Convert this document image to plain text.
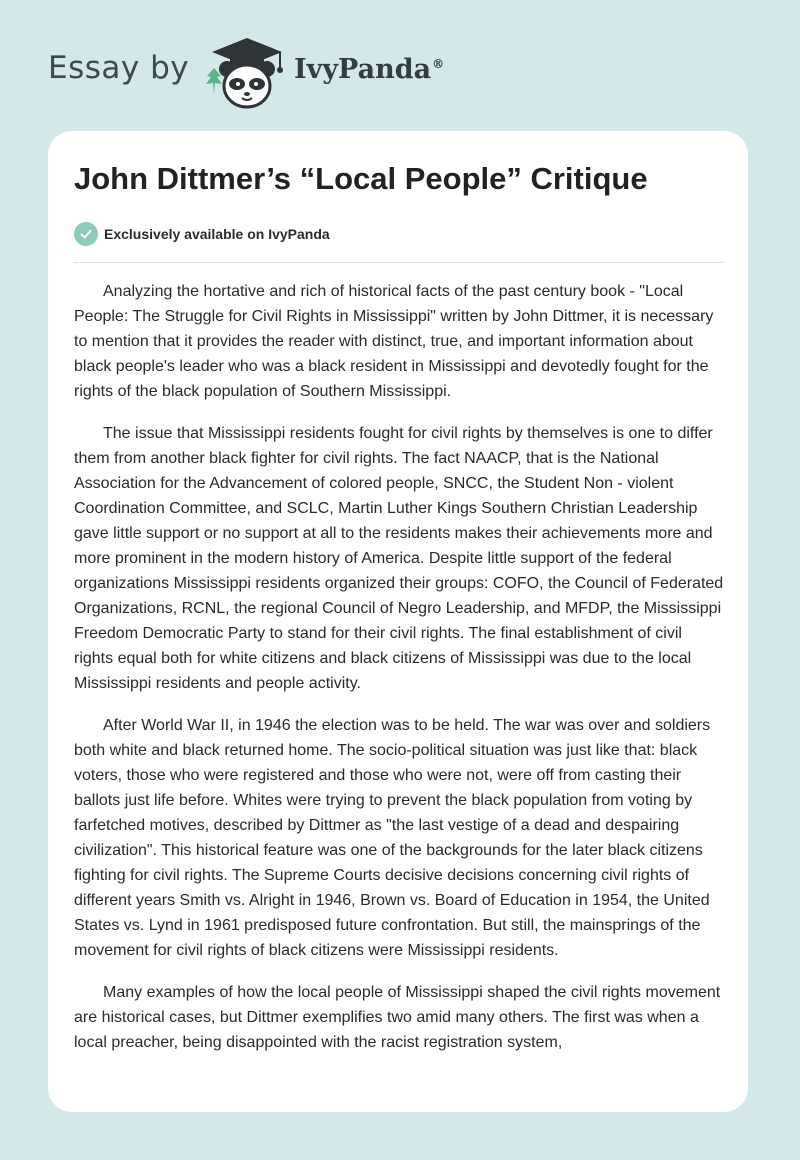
Essay by	IvyPanda®
John Dittmer’s “Local People” Critique
Exclusively available on IvyPanda

Analyzing the hortative and rich of historical facts of the past century book - "Local People: The Struggle for Civil Rights in Mississippi" written by John Dittmer, it is necessary to mention that it provides the reader with distinct, true, and important information about black people's leader who was a black resident in Mississippi and devotedly fought for the rights of the black population of Southern Mississippi.

The issue that Mississippi residents fought for civil rights by themselves is one to differ them from another black fighter for civil rights. The fact NAACP, that is the National Association for the Advancement of colored people, SNCC, the Student Non - violent Coordination Committee, and SCLC, Martin Luther Kings Southern Christian Leadership gave little support or no support at all to the residents makes their achievements more and more prominent in the modern history of America. Despite little support of the federal organizations Mississippi residents organized their groups: COFO, the Council of Federated Organizations, RCNL, the regional Council of Negro Leadership, and MFDP, the Mississippi Freedom Democratic Party to stand for their civil rights. The final establishment of civil rights equal both for white citizens and black citizens of Mississippi was due to the local Mississippi residents and people activity.

After World War II, in 1946 the election was to be held. The war was over and soldiers both white and black returned home. The socio-political situation was just like that: black voters, those who were registered and those who were not, were off from casting their ballots just life before. Whites were trying to prevent the black population from voting by farfetched motives, described by Dittmer as "the last vestige of a dead and despairing civilization". This historical feature was one of the backgrounds for the later black citizens fighting for civil rights. The Supreme Courts decisive decisions concerning civil rights of different years Smith vs. Alright in 1946, Brown vs. Board of Education in 1954, the United States vs. Lynd in 1961 predisposed future confrontation. But still, the mainsprings of the movement for civil rights of black citizens were Mississippi residents.

Many examples of how the local people of Mississippi shaped the civil rights movement are historical cases, but Dittmer exemplifies two amid many others. The first was when a local preacher, being disappointed with the racist registration system,
